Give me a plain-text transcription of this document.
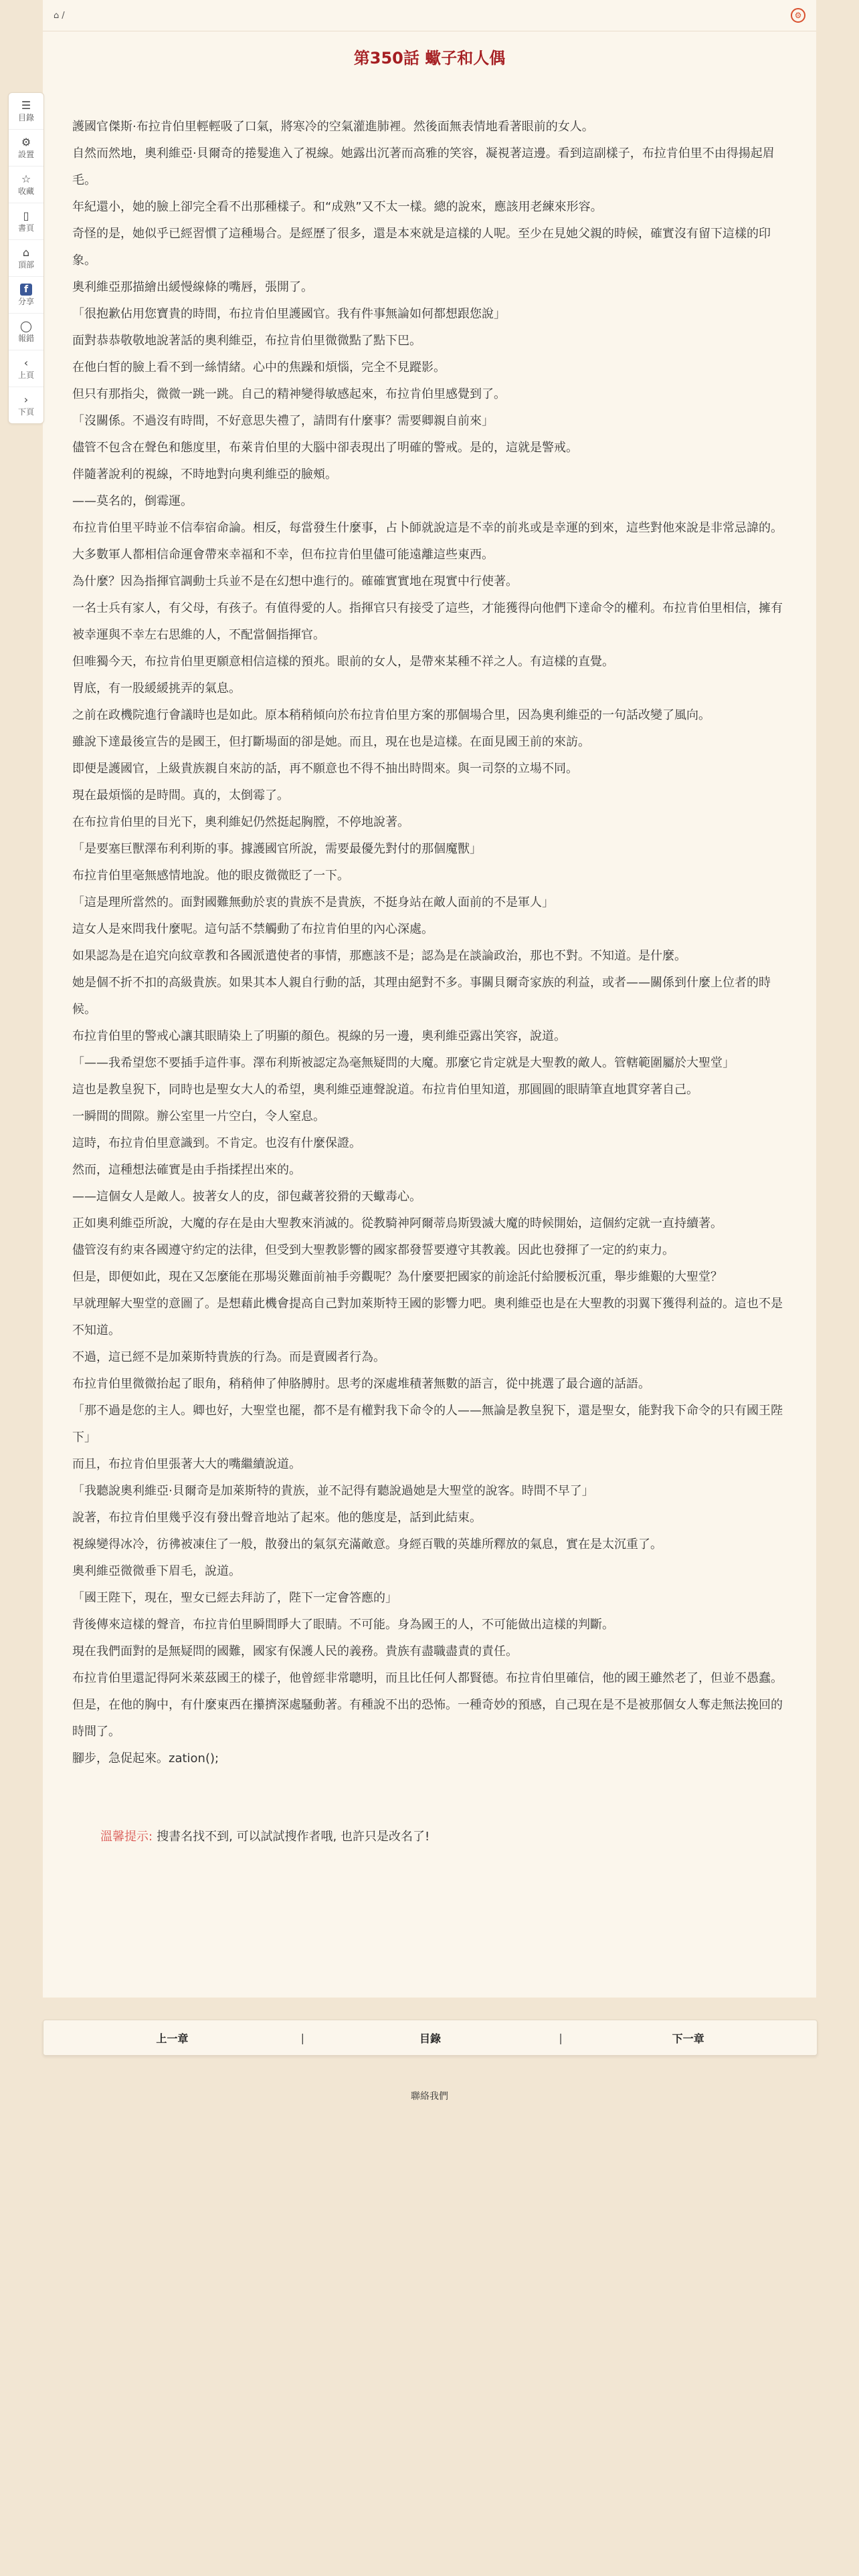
⌂ /	⚙
第350話 蠍子和人偶

護國官傑斯·布拉肯伯里輕輕吸了口氣，將寒冷的空氣灌進肺裡。然後面無表情地看著眼前的女人。

自然而然地，奧利維亞·貝爾奇的捲髮進入了視線。她露出沉著而高雅的笑容，凝視著這邊。看到這副樣子，布拉肯伯里不由得揚起眉毛。

年紀還小，她的臉上卻完全看不出那種樣子。和“成熟”又不太一樣。總的說來，應該用老練來形容。

奇怪的是，她似乎已經習慣了這種場合。是經歷了很多，還是本來就是這樣的人呢。至少在見她父親的時候，確實沒有留下這樣的印象。

奧利維亞那描繪出緩慢線條的嘴唇，張開了。

「很抱歉佔用您寶貴的時間，布拉肯伯里護國官。我有件事無論如何都想跟您說」

面對恭恭敬敬地說著話的奧利維亞，布拉肯伯里微微點了點下巴。

在他白皙的臉上看不到一絲情緒。心中的焦躁和煩惱，完全不見蹤影。

但只有那指尖，微微一跳一跳。自己的精神變得敏感起來，布拉肯伯里感覺到了。

「沒關係。不過沒有時間，不好意思失禮了，請問有什麼事？需要卿親自前來」

儘管不包含在聲色和態度里，布萊肯伯里的大腦中卻表現出了明確的警戒。是的，這就是警戒。

伴隨著說利的視線，不時地對向奧利維亞的臉頰。

——莫名的，倒霉運。

布拉肯伯里平時並不信奉宿命論。相反，每當發生什麼事，占卜師就說這是不幸的前兆或是幸運的到來，這些對他來說是非常忌諱的。

大多數軍人都相信命運會帶來幸福和不幸，但布拉肯伯里儘可能遠離這些東西。

為什麼？因為指揮官調動士兵並不是在幻想中進行的。確確實實地在現實中行使著。

一名士兵有家人，有父母，有孩子。有值得愛的人。指揮官只有接受了這些，才能獲得向他們下達命令的權利。布拉肯伯里相信，擁有被幸運與不幸左右思維的人，不配當個指揮官。

但唯獨今天，布拉肯伯里更願意相信這樣的預兆。眼前的女人，是帶來某種不祥之人。有這樣的直覺。

胃底，有一股緩緩挑弄的氣息。

之前在政機院進行會議時也是如此。原本稍稍傾向於布拉肯伯里方案的那個場合里，因為奧利維亞的一句話改變了風向。

雖說下達最後宣告的是國王，但打斷場面的卻是她。而且，現在也是這樣。在面見國王前的來訪。

即便是護國官，上級貴族親自來訪的話，再不願意也不得不抽出時間來。與一司祭的立場不同。

現在最煩惱的是時間。真的，太倒霉了。

在布拉肯伯里的目光下，奧利維妃仍然挺起胸膛，不停地說著。

「是要塞巨獸澤布利利斯的事。據護國官所說，需要最優先對付的那個魔獸」

布拉肯伯里毫無感情地說。他的眼皮微微眨了一下。

「這是理所當然的。面對國難無動於衷的貴族不是貴族，不挺身站在敵人面前的不是軍人」

這女人是來問我什麼呢。這句話不禁觸動了布拉肯伯里的內心深處。

如果認為是在追究向紋章教和各國派遣使者的事情，那應該不是；認為是在談論政治，那也不對。不知道。是什麼。

她是個不折不扣的高級貴族。如果其本人親自行動的話，其理由絕對不多。事關貝爾奇家族的利益，或者——關係到什麼上位者的時候。

布拉肯伯里的警戒心讓其眼睛染上了明顯的顏色。視線的另一邊，奧利維亞露出笑容，說道。

「——我希望您不要插手這件事。澤布利斯被認定為毫無疑問的大魔。那麼它肯定就是大聖教的敵人。管轄範圍屬於大聖堂」

這也是教皇猊下，同時也是聖女大人的希望，奧利維亞連聲說道。布拉肯伯里知道，那圓圓的眼睛筆直地貫穿著自己。

一瞬間的間隙。辦公室里一片空白，令人窒息。

這時，布拉肯伯里意識到。不肯定。也沒有什麼保證。

然而，這種想法確實是由手指揉捏出來的。

——這個女人是敵人。披著女人的皮，卻包藏著狡猾的天蠍毒心。

正如奧利維亞所說，大魔的存在是由大聖教來消滅的。從教騎神阿爾蒂烏斯毀滅大魔的時候開始，這個約定就一直持續著。

儘管沒有約束各國遵守約定的法律，但受到大聖教影響的國家都發誓要遵守其教義。因此也發揮了一定的約束力。

但是，即便如此，現在又怎麼能在那場災難面前袖手旁觀呢？為什麼要把國家的前途託付給腰板沉重，舉步維艱的大聖堂？

早就理解大聖堂的意圖了。是想藉此機會提高自己對加萊斯特王國的影響力吧。奧利維亞也是在大聖教的羽翼下獲得利益的。這也不是不知道。

不過，這已經不是加萊斯特貴族的行為。而是賣國者行為。

布拉肯伯里微微抬起了眼角，稍稍伸了伸胳膊肘。思考的深處堆積著無數的語言，從中挑選了最合適的話語。

「那不過是您的主人。卿也好，大聖堂也罷，都不是有權對我下命令的人——無論是教皇猊下，還是聖女，能對我下命令的只有國王陛下」

而且，布拉肯伯里張著大大的嘴繼續說道。

「我聽說奧利維亞·貝爾奇是加萊斯特的貴族，並不記得有聽說過她是大聖堂的說客。時間不早了」

說著，布拉肯伯里幾乎沒有發出聲音地站了起來。他的態度是，話到此結束。

視線變得冰冷，彷彿被凍住了一般，散發出的氣氛充滿敵意。身經百戰的英雄所釋放的氣息，實在是太沉重了。

奧利維亞微微垂下眉毛，說道。

「國王陛下，現在，聖女已經去拜訪了，陛下一定會答應的」

背後傳來這樣的聲音，布拉肯伯里瞬間睜大了眼睛。不可能。身為國王的人，不可能做出這樣的判斷。

現在我們面對的是無疑問的國難，國家有保護人民的義務。貴族有盡職盡責的責任。

布拉肯伯里還記得阿米萊茲國王的樣子，他曾經非常聰明，而且比任何人都賢德。布拉肯伯里確信，他的國王雖然老了，但並不愚蠢。

但是，在他的胸中，有什麼東西在攥擠深處騷動著。有種說不出的恐怖。一種奇妙的預感，自己現在是不是被那個女人奪走無法挽回的時間了。

腳步，急促起來。zation();

溫馨提示: 搜書名找不到, 可以試試搜作者哦, 也許只是改名了!
☰
目錄
⚙
設置
☆
收藏
▯
書頁
⌂
頂部
f
分享
◯
報錯
‹
上頁
›
下頁
上一章	|	目錄	|	下一章
聯絡我們
